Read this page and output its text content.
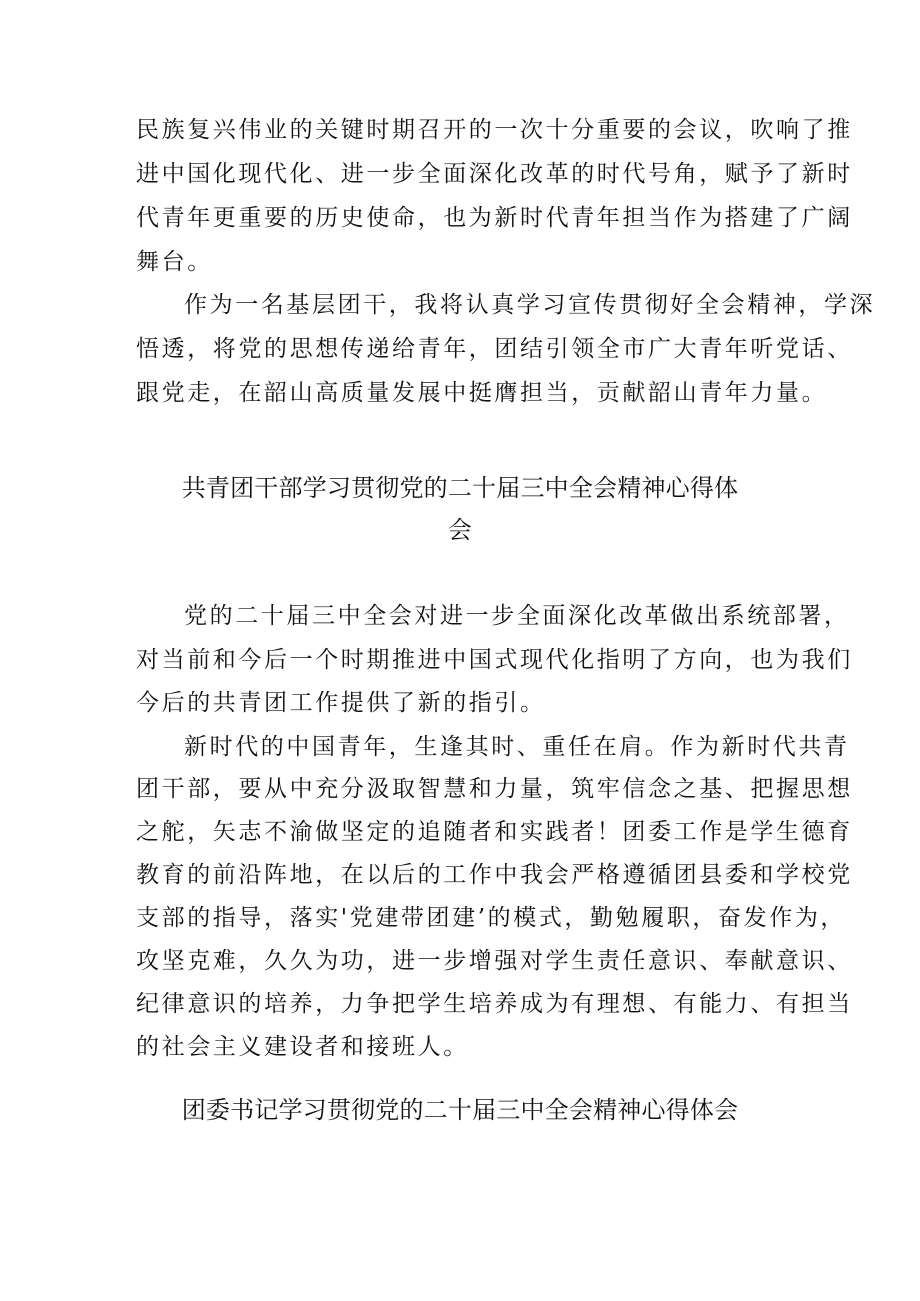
民族复兴伟业的关键时期召开的一次十分重要的会议，吹响了推
进中国化现代化、进一步全面深化改革的时代号角，赋予了新时
代青年更重要的历史使命，也为新时代青年担当作为搭建了广阔
舞台。
作为一名基层团干，我将认真学习宣传贯彻好全会精神，学深
悟透，将党的思想传递给青年，团结引领全市广大青年听党话、
跟党走，在韶山高质量发展中挺膺担当，贡献韶山青年力量。
共青团干部学习贯彻党的二十届三中全会精神心得体
会
党的二十届三中全会对进一步全面深化改革做出系统部署，
对当前和今后一个时期推进中国式现代化指明了方向，也为我们
今后的共青团工作提供了新的指引。
新时代的中国青年，生逢其时、重任在肩。作为新时代共青
团干部，要从中充分汲取智慧和力量，筑牢信念之基、把握思想
之舵，矢志不渝做坚定的追随者和实践者！团委工作是学生德育
教育的前沿阵地，在以后的工作中我会严格遵循团县委和学校党
支部的指导，落实'党建带团建’的模式，勤勉履职，奋发作为，
攻坚克难，久久为功，进一步增强对学生责任意识、奉献意识、
纪律意识的培养，力争把学生培养成为有理想、有能力、有担当
的社会主义建设者和接班人。
团委书记学习贯彻党的二十届三中全会精神心得体会
